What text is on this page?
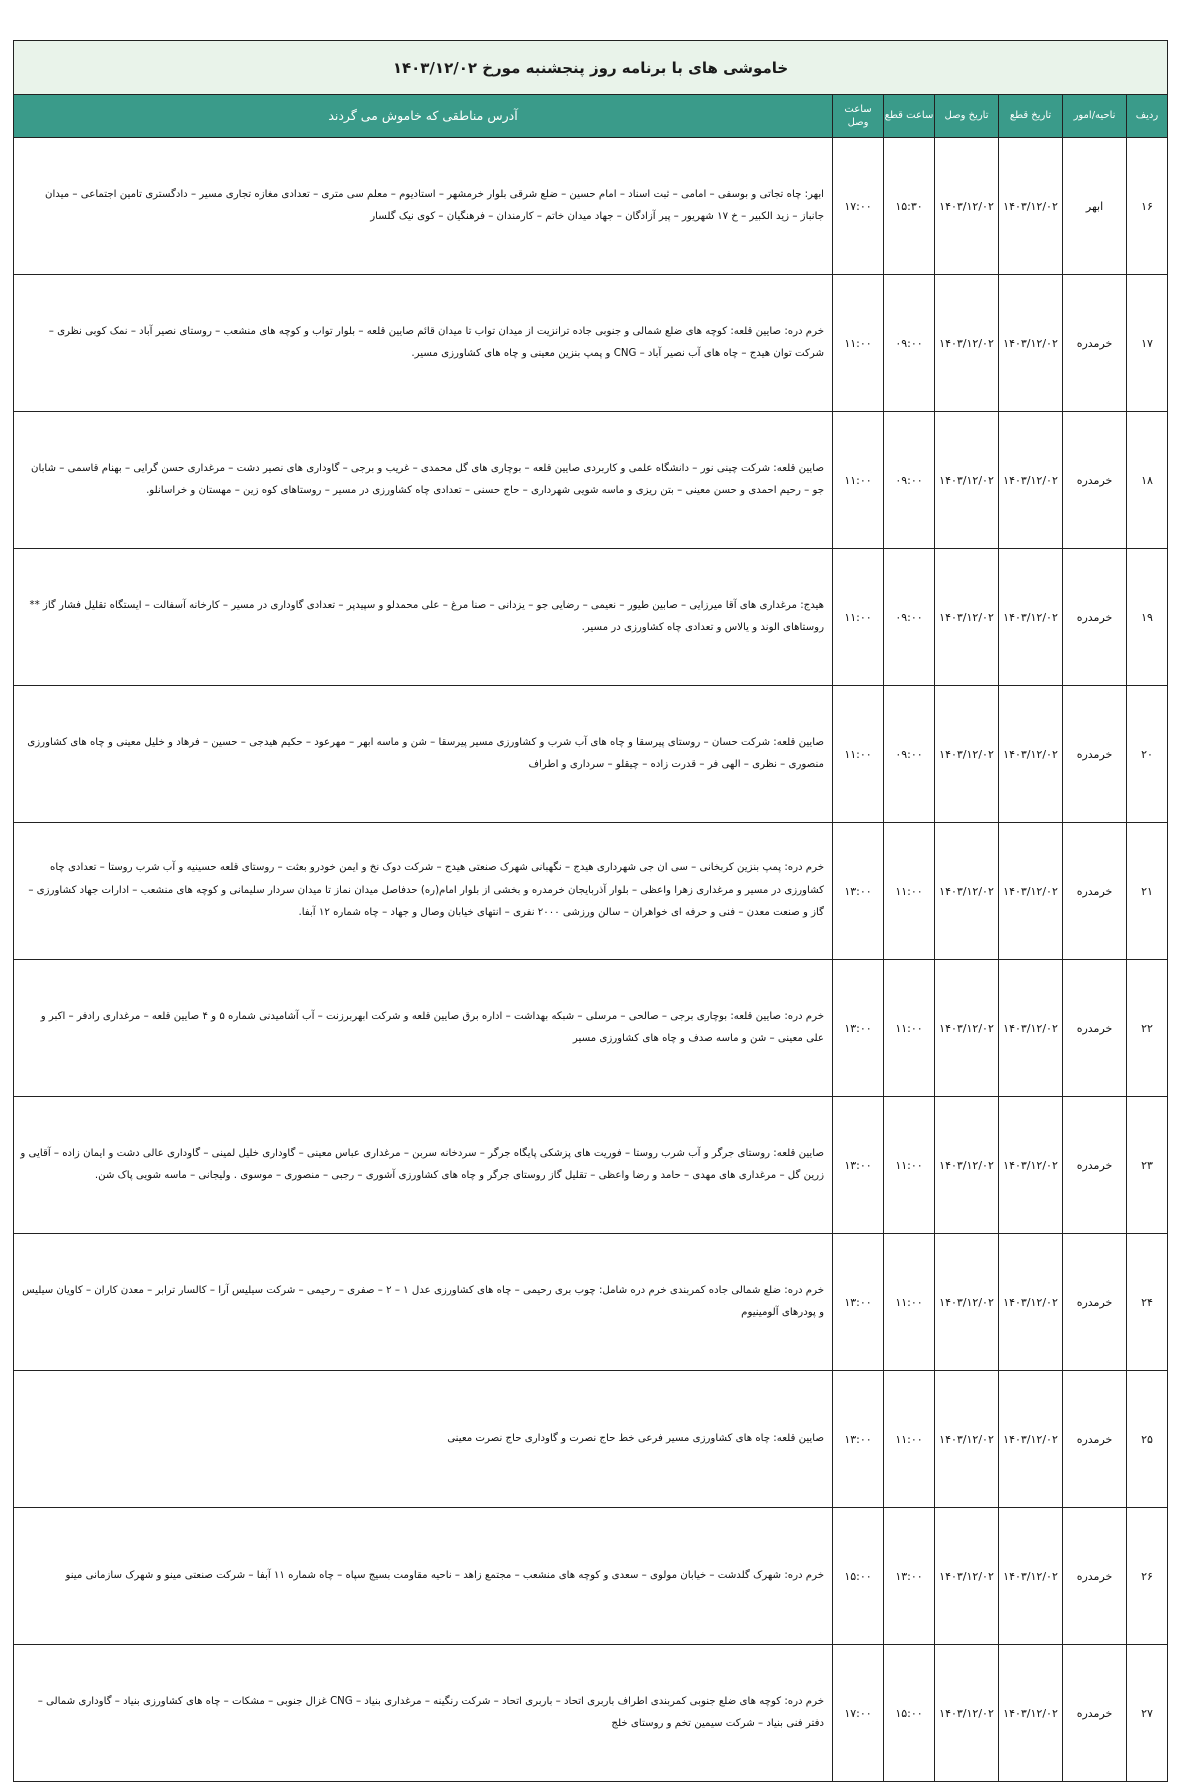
خاموشی های با برنامه روز پنجشنبه مورخ ۱۴۰۳/۱۲/۰۲						
ردیف	ناحیه/امور	تاریخ قطع	تاریخ وصل	ساعت قطع	ساعت وصل	آدرس مناطقی که خاموش می گردند
۱۶	ابهر	۱۴۰۳/۱۲/۰۲	۱۴۰۳/۱۲/۰۲	۱۵:۳۰	۱۷:۰۰	ابهر: چاه تجاتی و بوسفی – امامی – ثبت اسناد – امام حسین – ضلع شرقی بلوار خرمشهر – استادیوم – معلم سی متری – تعدادی مغازه تجاری مسیر – دادگستری تامین اجتماعی – میدان جانباز – زید الکبیر – خ ۱۷ شهریور – پیر آزادگان – جهاد میدان خاتم – کارمندان – فرهنگیان – کوی نیک گلسار
۱۷	خرمدره	۱۴۰۳/۱۲/۰۲	۱۴۰۳/۱۲/۰۲	۰۹:۰۰	۱۱:۰۰	خرم دره: صایین قلعه: کوچه های ضلع شمالی و جنوبی جاده ترانزیت از میدان تواب تا میدان قائم صایین قلعه – بلوار تواب و کوچه های منشعب – روستای نصیر آباد – نمک کوبی نظری – شرکت توان هیدج – چاه های آب نصیر آباد – CNG و پمپ بنزین معینی و چاه های کشاورزی مسیر.
۱۸	خرمدره	۱۴۰۳/۱۲/۰۲	۱۴۰۳/۱۲/۰۲	۰۹:۰۰	۱۱:۰۰	صایین قلعه: شرکت چینی نور – دانشگاه علمی و کاربردی صایین قلعه – بوچاری های گل محمدی – غریب و برجی – گاوداری های نصیر دشت – مرغداری حسن گرایی – بهنام قاسمی – شابان جو – رحیم احمدی و حسن معینی – بتن ریزی و ماسه شویی شهرداری – حاج حسنی – تعدادی چاه کشاورزی در مسیر – روستاهای کوه زین – مهستان و خراسانلو.
۱۹	خرمدره	۱۴۰۳/۱۲/۰۲	۱۴۰۳/۱۲/۰۲	۰۹:۰۰	۱۱:۰۰	هیدج: مرغداری های آقا میرزایی – صابین طیور – نعیمی – رضایی جو – یزدانی – صنا مرغ – علی محمدلو و سپیدپر – تعدادی گاوداری در مسیر – کارخانه آسفالت – ایستگاه تقلیل فشار گاز ** روستاهای الوند و یالاس و تعدادی چاه کشاورزی در مسیر.
۲۰	خرمدره	۱۴۰۳/۱۲/۰۲	۱۴۰۳/۱۲/۰۲	۰۹:۰۰	۱۱:۰۰	صایین قلعه: شرکت حسان – روستای پیرسقا و چاه های آب شرب و کشاورزی مسیر پیرسقا – شن و ماسه ابهر – مهرعود – حکیم هیدجی – حسین – فرهاد و خلیل معینی و چاه های کشاورزی منصوری – نظری – الهی فر – قدرت زاده – چیقلو – سرداری و اطراف
۲۱	خرمدره	۱۴۰۳/۱۲/۰۲	۱۴۰۳/۱۲/۰۲	۱۱:۰۰	۱۳:۰۰	خرم دره: پمپ بنزین کربخانی – سی ان جی شهرداری هیدج – نگهبانی شهرک صنعتی هیدج – شرکت دوک نخ و ایمن خودرو بعثت – روستای قلعه حسینیه و آب شرب روستا – تعدادی چاه کشاورزی در مسیر و مرغداری زهرا واعظی – بلوار آذربایجان خرمدره و بخشی از بلوار امام(ره) حدفاصل میدان نماز تا میدان سردار سلیمانی و کوچه های منشعب – ادارات جهاد کشاورزی – گاز و صنعت معدن – فنی و حرفه ای خواهران – سالن ورزشی ۲۰۰۰ نفری – انتهای خیابان وصال و جهاد – چاه شماره ۱۲ آبفا.
۲۲	خرمدره	۱۴۰۳/۱۲/۰۲	۱۴۰۳/۱۲/۰۲	۱۱:۰۰	۱۳:۰۰	خرم دره: صایین قلعه: بوچاری برجی – صالحی – مرسلی – شبکه بهداشت – اداره برق صایین قلعه و شرکت ابهربرزنت – آب آشامیدنی شماره ۵ و ۴ صایین قلعه – مرغداری رادفر – اکبر و علی معینی – شن و ماسه صدف و چاه های کشاورزی مسیر
۲۳	خرمدره	۱۴۰۳/۱۲/۰۲	۱۴۰۳/۱۲/۰۲	۱۱:۰۰	۱۳:۰۰	صایین قلعه: روستای جرگر و آب شرب روستا – فوریت های پزشکی پایگاه جرگر – سردخانه سربن – مرغداری عباس معینی – گاوداری خلیل لمینی – گاوداری عالی دشت و ایمان زاده – آقایی و زرین گل – مرغداری های مهدی – حامد و رضا واعظی – تقلیل گاز روستای جرگر و چاه های کشاورزی آشوری – رجبی – منصوری – موسوی . ولیجانی – ماسه شویی پاک شن.
۲۴	خرمدره	۱۴۰۳/۱۲/۰۲	۱۴۰۳/۱۲/۰۲	۱۱:۰۰	۱۳:۰۰	خرم دره: ضلع شمالی جاده کمربندی خرم دره شامل: چوب بری رحیمی – چاه های کشاورزی عدل ۱ – ۲ – صفری – رحیمی – شرکت سیلیس آرا – کالسار ترابر – معدن کاران – کاویان سیلیس و پودرهای آلومینیوم
۲۵	خرمدره	۱۴۰۳/۱۲/۰۲	۱۴۰۳/۱۲/۰۲	۱۱:۰۰	۱۳:۰۰	صایین قلعه: چاه های کشاورزی مسیر فرعی خط حاج نصرت و گاوداری حاج نصرت معینی
۲۶	خرمدره	۱۴۰۳/۱۲/۰۲	۱۴۰۳/۱۲/۰۲	۱۳:۰۰	۱۵:۰۰	خرم دره: شهرک گلدشت – خیابان مولوی – سعدی و کوچه های منشعب – مجتمع زاهد – ناحیه مقاومت بسیج سپاه – چاه شماره ۱۱ آبفا – شرکت صنعتی مینو و شهرک سازمانی مینو
۲۷	خرمدره	۱۴۰۳/۱۲/۰۲	۱۴۰۳/۱۲/۰۲	۱۵:۰۰	۱۷:۰۰	خرم دره: کوچه های ضلع جنوبی کمربندی اطراف باربری اتحاد – باربری اتحاد – شرکت رنگینه – مرغداری بنیاد – CNG غزال جنوبی – مشکات – چاه های کشاورزی بنیاد – گاوداری شمالی – دفتر فنی بنیاد – شرکت سیمین تخم و روستای خلج
